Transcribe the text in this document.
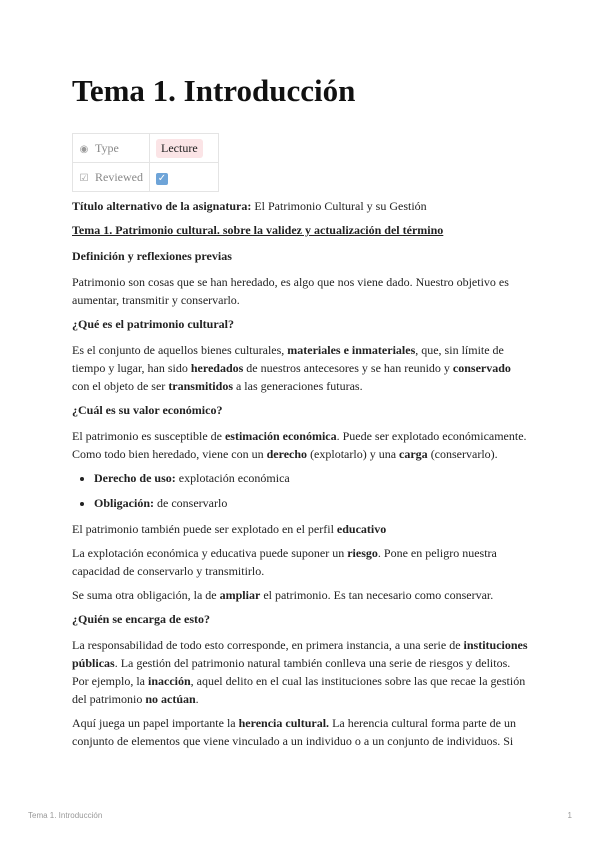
Tema 1. Introducción
◉ Type	Lecture
☑ Reviewed	✓

Título alternativo de la asignatura: El Patrimonio Cultural y su Gestión

Tema 1. Patrimonio cultural. sobre la validez y actualización del término

Definición y reflexiones previas

Patrimonio son cosas que se han heredado, es algo que nos viene dado. Nuestro objetivo es aumentar, transmitir y conservarlo.

¿Qué es el patrimonio cultural?

Es el conjunto de aquellos bienes culturales, materiales e inmateriales, que, sin límite de tiempo y lugar, han sido heredados de nuestros antecesores y se han reunido y conservado con el objeto de ser transmitidos a las generaciones futuras.

¿Cuál es su valor económico?

El patrimonio es susceptible de estimación económica. Puede ser explotado económicamente. Como todo bien heredado, viene con un derecho (explotarlo) y una carga (conservarlo).

• Derecho de uso: explotación económica
• Obligación: de conservarlo

El patrimonio también puede ser explotado en el perfil educativo

La explotación económica y educativa puede suponer un riesgo. Pone en peligro nuestra capacidad de conservarlo y transmitirlo.

Se suma otra obligación, la de ampliar el patrimonio. Es tan necesario como conservar.

¿Quién se encarga de esto?

La responsabilidad de todo esto corresponde, en primera instancia, a una serie de instituciones públicas. La gestión del patrimonio natural también conlleva una serie de riesgos y delitos. Por ejemplo, la inacción, aquel delito en el cual las instituciones sobre las que recae la gestión del patrimonio no actúan.

Aquí juega un papel importante la herencia cultural. La herencia cultural forma parte de un conjunto de elementos que viene vinculado a un individuo o a un conjunto de individuos. Si

Tema 1. Introducción	1
